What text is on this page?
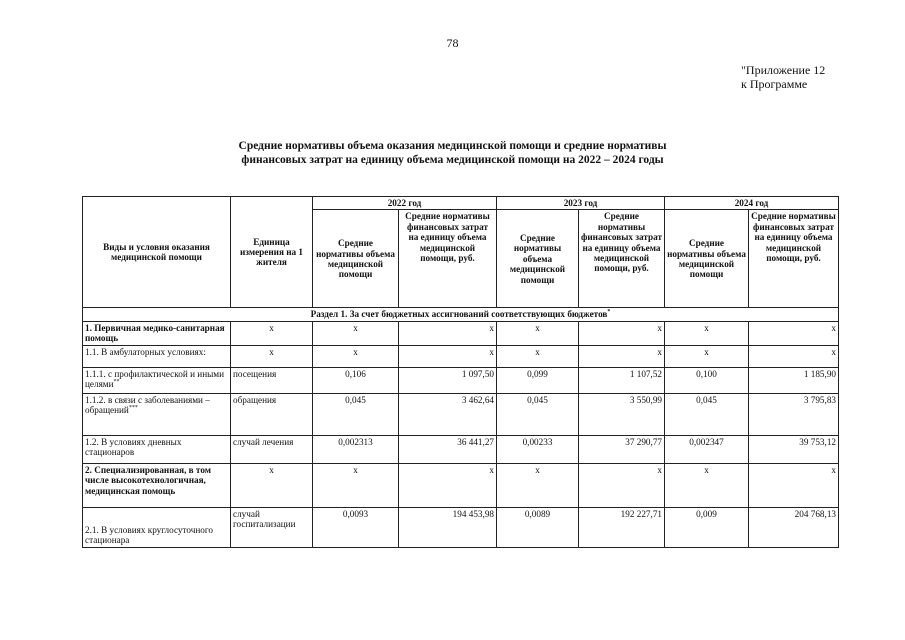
78
"Приложение 12
к Программе
Средние нормативы объема оказания медицинской помощи и средние нормативы
финансовых затрат на единицу объема медицинской помощи на 2022 – 2024 годы
Виды и условия оказания медицинской помощи	Единица измерения на 1 жителя	2022 год		2023 год		2024 год	
		Средние нормативы объема медицинской помощи	Средние нормативы финансовых затрат на единицу объема медицинской помощи, руб.	Средние нормативы объема медицинской помощи	Средние нормативы финансовых затрат на единицу объема медицинской помощи, руб.	Средние нормативы объема медицинской помощи	Средние нормативы финансовых затрат на единицу объема медицинской помощи, руб.
Раздел 1. За счет бюджетных ассигнований соответствующих бюджетов*
1. Первичная медико-санитарная помощь	х	х	х	х	х	х	х
1.1. В амбулаторных условиях:	х	х	х	х	х	х	х
1.1.1. с профилактической и иными целями**	посещения	0,106	1 097,50	0,099	1 107,52	0,100	1 185,90
1.1.2. в связи с заболеваниями – обращений***	обращения	0,045	3 462,64	0,045	3 550,99	0,045	3 795,83
1.2. В условиях дневных стационаров	случай лечения	0,002313	36 441,27	0,00233	37 290,77	0,002347	39 753,12
2. Специализированная, в том числе высокотехнологичная, медицинская помощь	х	х	х	х	х	х	х
2.1. В условиях круглосуточного стационара	случай госпитализации	0,0093	194 453,98	0,0089	192 227,71	0,009	204 768,13
